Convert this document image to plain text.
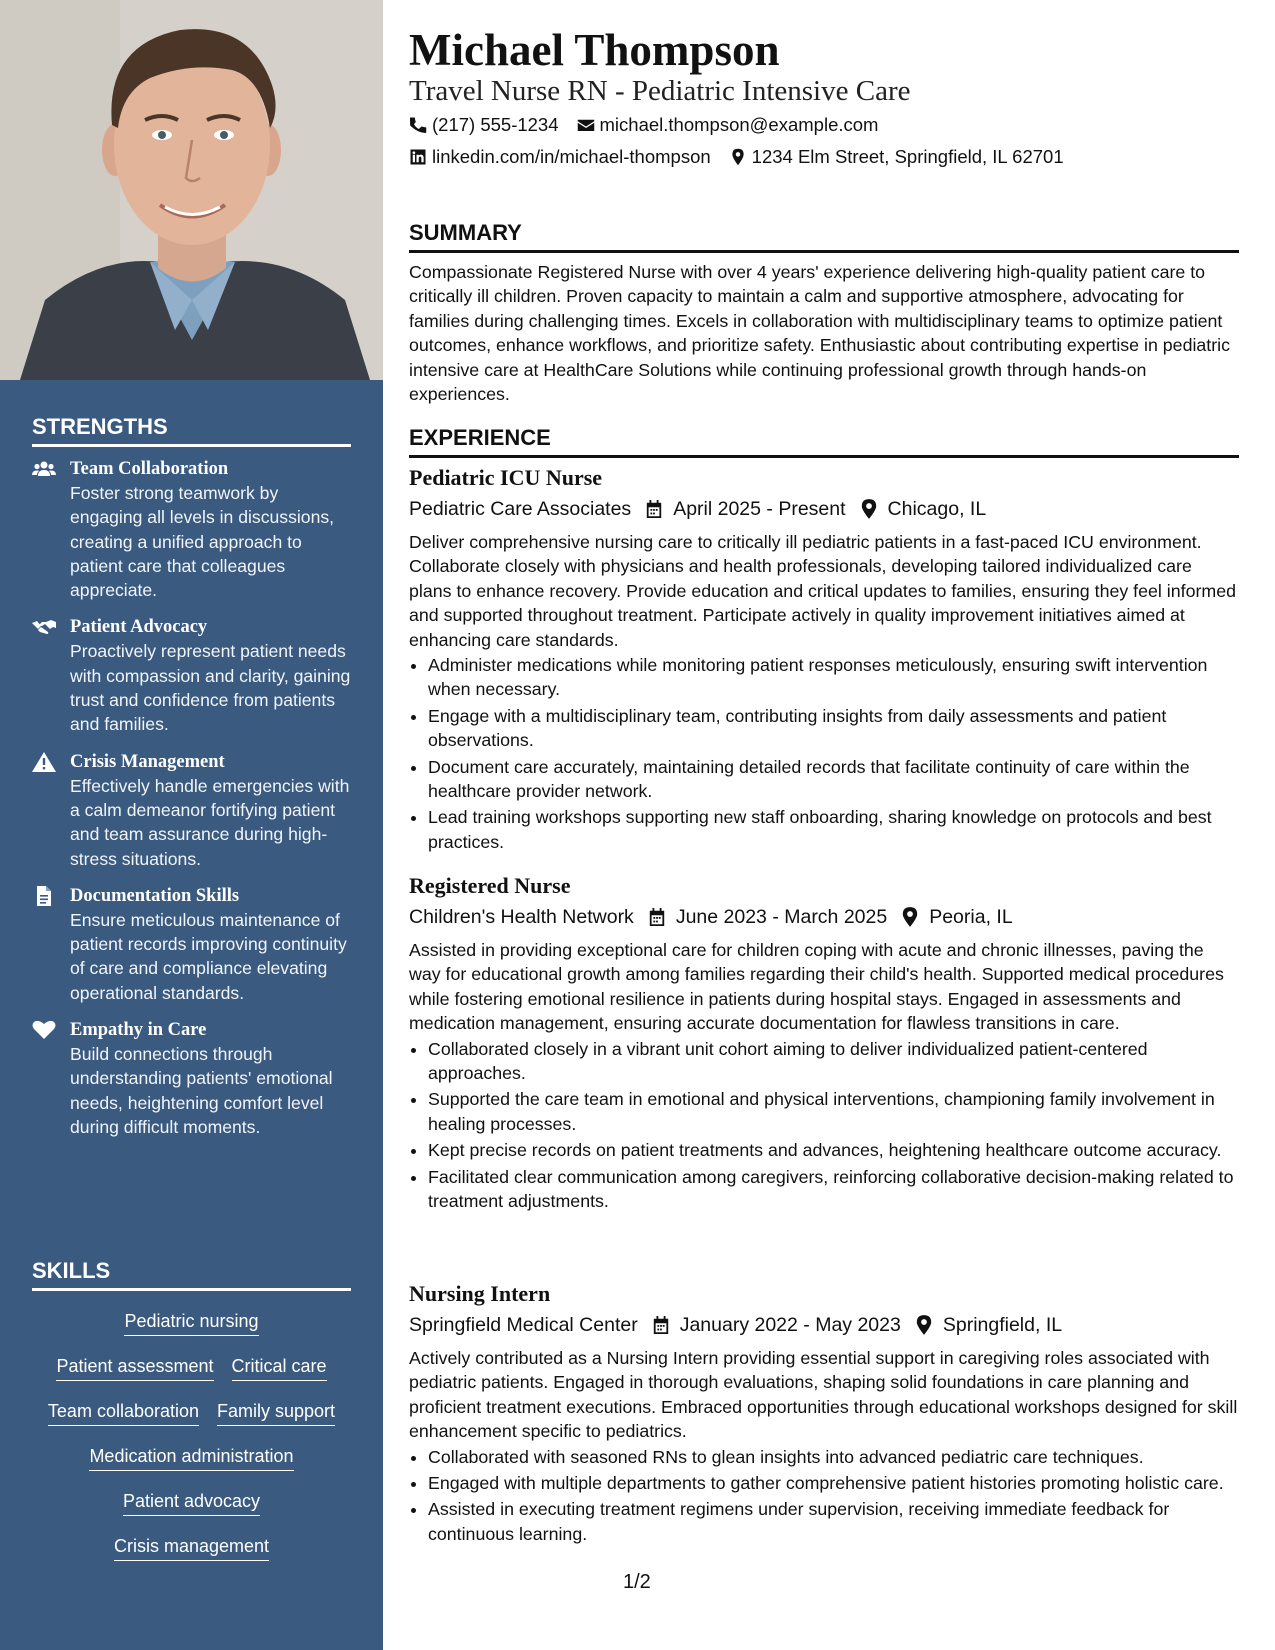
STRENGTHS
Team Collaboration
Foster strong teamwork by engaging all levels in discussions, creating a unified approach to patient care that colleagues appreciate.
Patient Advocacy
Proactively represent patient needs with compassion and clarity, gaining trust and confidence from patients and families.
Crisis Management
Effectively handle emergencies with a calm demeanor fortifying patient and team assurance during high-stress situations.
Documentation Skills
Ensure meticulous maintenance of patient records improving continuity of care and compliance elevating operational standards.
Empathy in Care
Build connections through understanding patients' emotional needs, heightening comfort level during difficult moments.
SKILLS
Pediatric nursing
Patient assessment Critical care
Team collaboration Family support
Medication administration
Patient advocacy
Crisis management
Michael Thompson
Travel Nurse RN - Pediatric Intensive Care
(217) 555-1234 michael.thompson@example.com
linkedin.com/in/michael-thompson 1234 Elm Street, Springfield, IL 62701
SUMMARY

Compassionate Registered Nurse with over 4 years' experience delivering high-quality patient care to critically ill children. Proven capacity to maintain a calm and supportive atmosphere, advocating for families during challenging times. Excels in collaboration with multidisciplinary teams to optimize patient outcomes, enhance workflows, and prioritize safety. Enthusiastic about contributing expertise in pediatric intensive care at HealthCare Solutions while continuing professional growth through hands-on experiences.

EXPERIENCE
Pediatric ICU Nurse
Pediatric Care Associates April 2025 - Present Chicago, IL

Deliver comprehensive nursing care to critically ill pediatric patients in a fast-paced ICU environment. Collaborate closely with physicians and health professionals, developing tailored individualized care plans to enhance recovery. Provide education and critical updates to families, ensuring they feel informed and supported throughout treatment. Participate actively in quality improvement initiatives aimed at enhancing care standards.

• Administer medications while monitoring patient responses meticulously, ensuring swift intervention when necessary.
• Engage with a multidisciplinary team, contributing insights from daily assessments and patient observations.
• Document care accurately, maintaining detailed records that facilitate continuity of care within the healthcare provider network.
• Lead training workshops supporting new staff onboarding, sharing knowledge on protocols and best practices.
Registered Nurse
Children's Health Network June 2023 - March 2025 Peoria, IL

Assisted in providing exceptional care for children coping with acute and chronic illnesses, paving the way for educational growth among families regarding their child's health. Supported medical procedures while fostering emotional resilience in patients during hospital stays. Engaged in assessments and medication management, ensuring accurate documentation for flawless transitions in care.

• Collaborated closely in a vibrant unit cohort aiming to deliver individualized patient-centered approaches.
• Supported the care team in emotional and physical interventions, championing family involvement in healing processes.
• Kept precise records on patient treatments and advances, heightening healthcare outcome accuracy.
• Facilitated clear communication among caregivers, reinforcing collaborative decision-making related to treatment adjustments.
Nursing Intern
Springfield Medical Center January 2022 - May 2023 Springfield, IL

Actively contributed as a Nursing Intern providing essential support in caregiving roles associated with pediatric patients. Engaged in thorough evaluations, shaping solid foundations in care planning and proficient treatment executions. Embraced opportunities through educational workshops designed for skill enhancement specific to pediatrics.

• Collaborated with seasoned RNs to glean insights into advanced pediatric care techniques.
• Engaged with multiple departments to gather comprehensive patient histories promoting holistic care.
• Assisted in executing treatment regimens under supervision, receiving immediate feedback for continuous learning.
1/2
